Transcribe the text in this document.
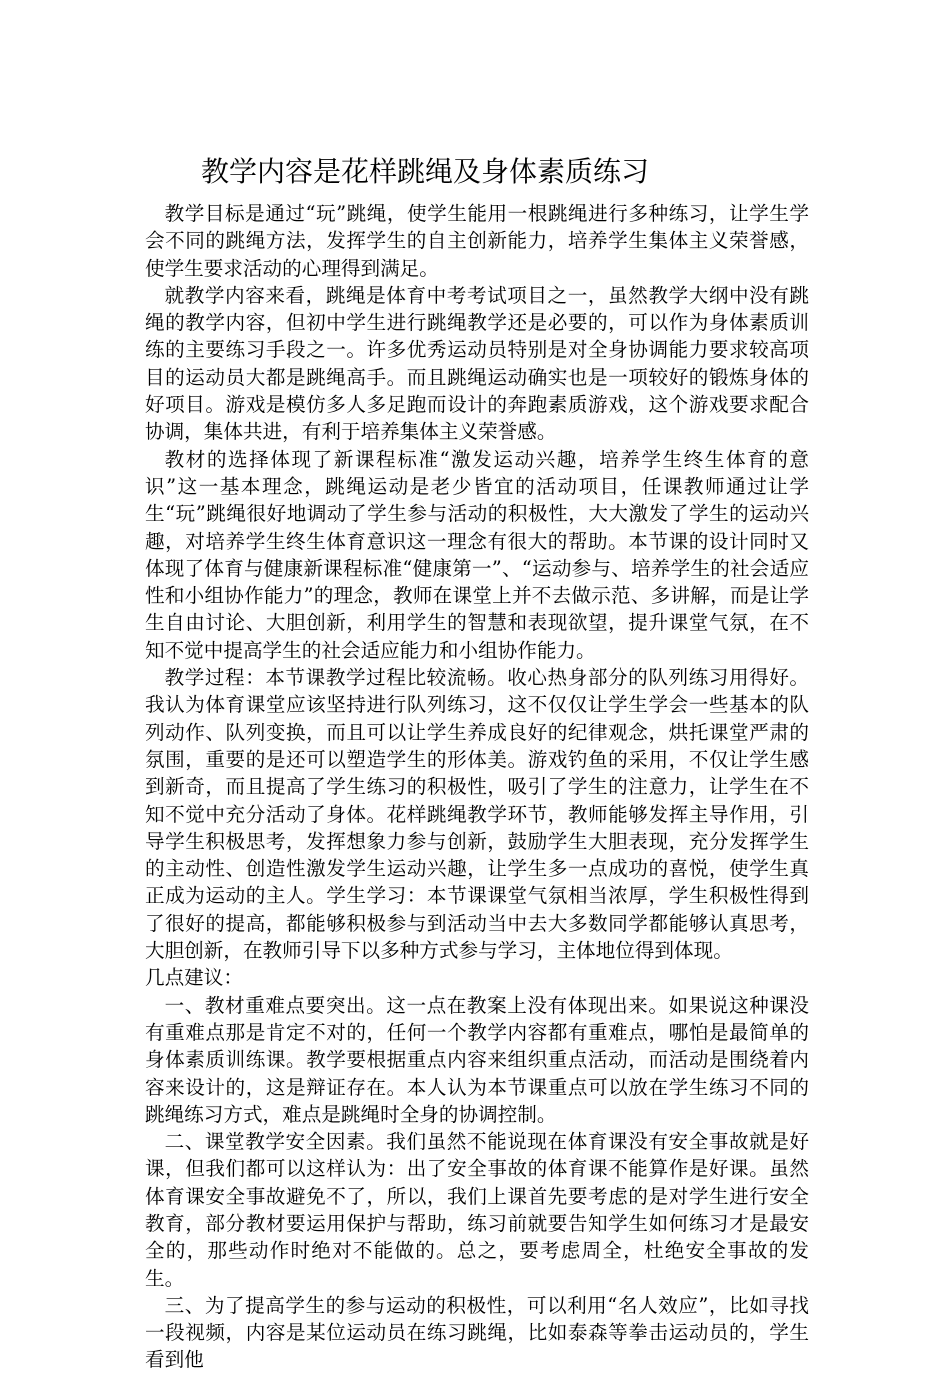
教学内容是花样跳绳及身体素质练习

教学目标是通过“玩”跳绳，使学生能用一根跳绳进行多种练习，让学生学会不同的跳绳方法，发挥学生的自主创新能力，培养学生集体主义荣誉感，使学生要求活动的心理得到满足。

就教学内容来看，跳绳是体育中考考试项目之一，虽然教学大纲中没有跳绳的教学内容，但初中学生进行跳绳教学还是必要的，可以作为身体素质训练的主要练习手段之一。许多优秀运动员特别是对全身协调能力要求较高项目的运动员大都是跳绳高手。而且跳绳运动确实也是一项较好的锻炼身体的好项目。游戏是模仿多人多足跑而设计的奔跑素质游戏，这个游戏要求配合协调，集体共进，有利于培养集体主义荣誉感。

教材的选择体现了新课程标准“激发运动兴趣，培养学生终生体育的意识”这一基本理念，跳绳运动是老少皆宜的活动项目，任课教师通过让学生“玩”跳绳很好地调动了学生参与活动的积极性，大大激发了学生的运动兴趣，对培养学生终生体育意识这一理念有很大的帮助。本节课的设计同时又体现了体育与健康新课程标准“健康第一”、“运动参与、培养学生的社会适应性和小组协作能力”的理念，教师在课堂上并不去做示范、多讲解，而是让学生自由讨论、大胆创新，利用学生的智慧和表现欲望，提升课堂气氛，在不知不觉中提高学生的社会适应能力和小组协作能力。

教学过程：本节课教学过程比较流畅。收心热身部分的队列练习用得好。我认为体育课堂应该坚持进行队列练习，这不仅仅让学生学会一些基本的队列动作、队列变换，而且可以让学生养成良好的纪律观念，烘托课堂严肃的氛围，重要的是还可以塑造学生的形体美。游戏钓鱼的采用，不仅让学生感到新奇，而且提高了学生练习的积极性，吸引了学生的注意力，让学生在不知不觉中充分活动了身体。花样跳绳教学环节，教师能够发挥主导作用，引导学生积极思考，发挥想象力参与创新，鼓励学生大胆表现，充分发挥学生的主动性、创造性激发学生运动兴趣，让学生多一点成功的喜悦，使学生真正成为运动的主人。学生学习：本节课课堂气氛相当浓厚，学生积极性得到了很好的提高，都能够积极参与到活动当中去大多数同学都能够认真思考，大胆创新，在教师引导下以多种方式参与学习，主体地位得到体现。

几点建议：

一、教材重难点要突出。这一点在教案上没有体现出来。如果说这种课没有重难点那是肯定不对的，任何一个教学内容都有重难点，哪怕是最简单的身体素质训练课。教学要根据重点内容来组织重点活动，而活动是围绕着内容来设计的，这是辩证存在。本人认为本节课重点可以放在学生练习不同的跳绳练习方式，难点是跳绳时全身的协调控制。

二、课堂教学安全因素。我们虽然不能说现在体育课没有安全事故就是好课，但我们都可以这样认为：出了安全事故的体育课不能算作是好课。虽然体育课安全事故避免不了，所以，我们上课首先要考虑的是对学生进行安全教育，部分教材要运用保护与帮助，练习前就要告知学生如何练习才是最安全的，那些动作时绝对不能做的。总之，要考虑周全，杜绝安全事故的发生。

三、为了提高学生的参与运动的积极性，可以利用“名人效应”，比如寻找一段视频，内容是某位运动员在练习跳绳，比如泰森等拳击运动员的，学生看到他
